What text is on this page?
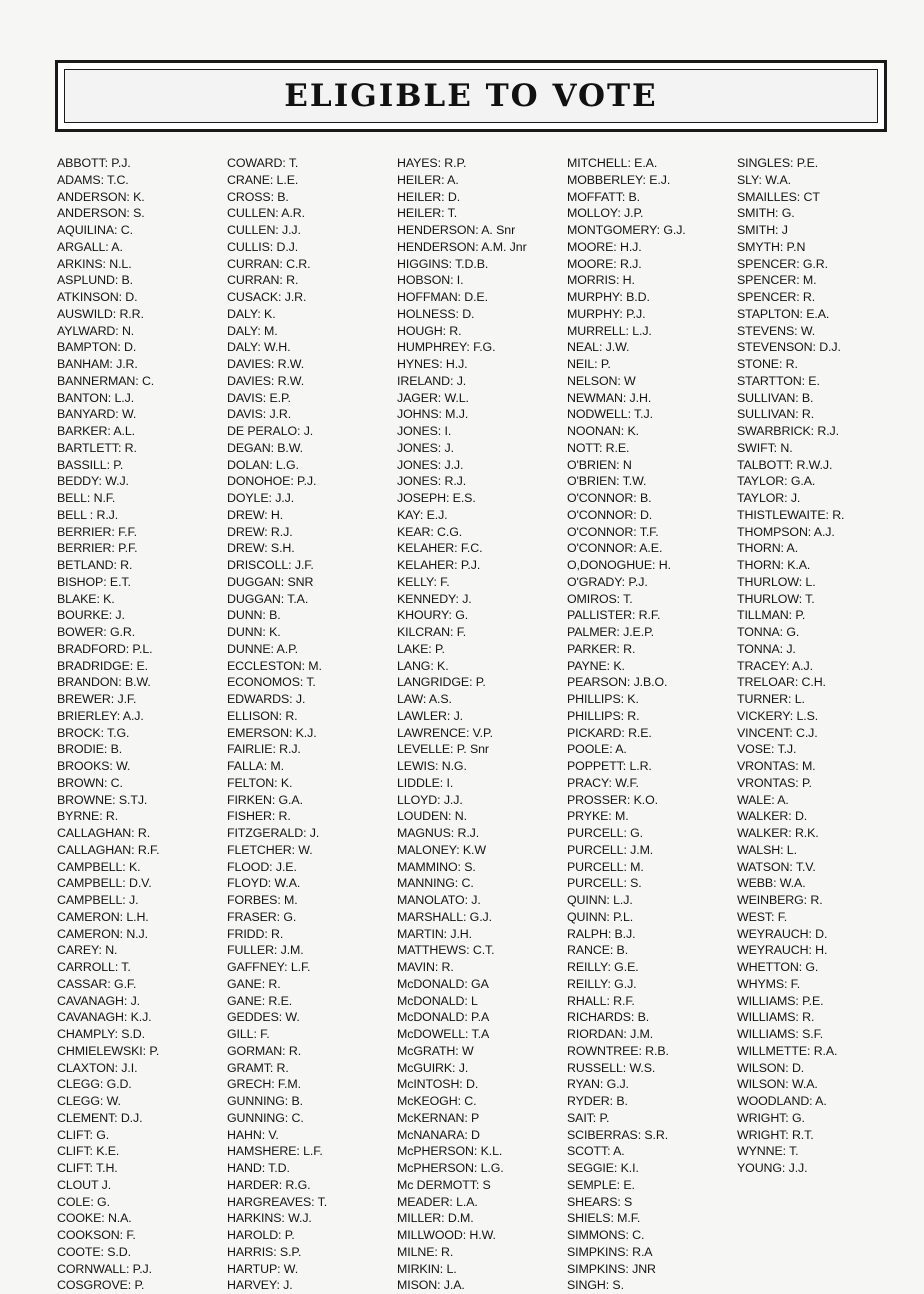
ELIGIBLE TO VOTE
ABBOTT: P.J.
ADAMS: T.C.
ANDERSON: K.
ANDERSON: S.
AQUILINA: C.
ARGALL: A.
ARKINS: N.L.
ASPLUND: B.
ATKINSON: D.
AUSWILD: R.R.
AYLWARD: N.
BAMPTON: D.
BANHAM: J.R.
BANNERMAN: C.
BANTON: L.J.
BANYARD: W.
BARKER: A.L.
BARTLETT: R.
BASSILL: P.
BEDDY: W.J.
BELL: N.F.
BELL : R.J.
BERRIER: F.F.
BERRIER: P.F.
BETLAND: R.
BISHOP: E.T.
BLAKE: K.
BOURKE: J.
BOWER: G.R.
BRADFORD: P.L.
BRADRIDGE: E.
BRANDON: B.W.
BREWER: J.F.
BRIERLEY: A.J.
BROCK: T.G.
BRODIE: B.
BROOKS: W.
BROWN: C.
BROWNE: S.TJ.
BYRNE: R.
CALLAGHAN: R.
CALLAGHAN: R.F.
CAMPBELL: K.
CAMPBELL: D.V.
CAMPBELL: J.
CAMERON: L.H.
CAMERON: N.J.
CAREY: N.
CARROLL: T.
CASSAR: G.F.
CAVANAGH: J.
CAVANAGH: K.J.
CHAMPLY: S.D.
CHMIELEWSKI: P.
CLAXTON: J.I.
CLEGG: G.D.
CLEGG: W.
CLEMENT: D.J.
CLIFT: G.
CLIFT: K.E.
CLIFT: T.H.
CLOUT J.
COLE: G.
COOKE: N.A.
COOKSON: F.
COOTE: S.D.
CORNWALL: P.J.
COSGROVE: P.
COWARD: T.
CRANE: L.E.
CROSS: B.
CULLEN: A.R.
CULLEN: J.J.
CULLIS: D.J.
CURRAN: C.R.
CURRAN: R.
CUSACK: J.R.
DALY: K.
DALY: M.
DALY: W.H.
DAVIES: R.W.
DAVIES: R.W.
DAVIS: E.P.
DAVIS: J.R.
DE PERALO: J.
DEGAN: B.W.
DOLAN: L.G.
DONOHOE: P.J.
DOYLE: J.J.
DREW: H.
DREW: R.J.
DREW: S.H.
DRISCOLL: J.F.
DUGGAN: SNR
DUGGAN: T.A.
DUNN: B.
DUNN: K.
DUNNE: A.P.
ECCLESTON: M.
ECONOMOS: T.
EDWARDS: J.
ELLISON: R.
EMERSON: K.J.
FAIRLIE: R.J.
FALLA: M.
FELTON: K.
FIRKEN: G.A.
FISHER: R.
FITZGERALD: J.
FLETCHER: W.
FLOOD: J.E.
FLOYD: W.A.
FORBES: M.
FRASER: G.
FRIDD: R.
FULLER: J.M.
GAFFNEY: L.F.
GANE: R.
GANE: R.E.
GEDDES: W.
GILL: F.
GORMAN: R.
GRAMT: R.
GRECH: F.M.
GUNNING: B.
GUNNING: C.
HAHN: V.
HAMSHERE: L.F.
HAND: T.D.
HARDER: R.G.
HARGREAVES: T.
HARKINS: W.J.
HAROLD: P.
HARRIS: S.P.
HARTUP: W.
HARVEY: J.
HAYES: R.P.
HEILER: A.
HEILER: D.
HEILER: T.
HENDERSON: A. Snr
HENDERSON: A.M. Jnr
HIGGINS: T.D.B.
HOBSON: I.
HOFFMAN: D.E.
HOLNESS: D.
HOUGH: R.
HUMPHREY: F.G.
HYNES: H.J.
IRELAND: J.
JAGER: W.L.
JOHNS: M.J.
JONES: I.
JONES: J.
JONES: J.J.
JONES: R.J.
JOSEPH: E.S.
KAY: E.J.
KEAR: C.G.
KELAHER: F.C.
KELAHER: P.J.
KELLY: F.
KENNEDY: J.
KHOURY: G.
KILCRAN: F.
LAKE: P.
LANG: K.
LANGRIDGE: P.
LAW: A.S.
LAWLER: J.
LAWRENCE: V.P.
LEVELLE: P. Snr
LEWIS: N.G.
LIDDLE: I.
LLOYD: J.J.
LOUDEN: N.
MAGNUS: R.J.
MALONEY: K.W
MAMMINO: S.
MANNING: C.
MANOLATO: J.
MARSHALL: G.J.
MARTIN: J.H.
MATTHEWS: C.T.
MAVIN: R.
McDONALD: GA
McDONALD: L
McDONALD: P.A
McDOWELL: T.A
McGRATH: W
McGUIRK: J.
McINTOSH: D.
McKEOGH: C.
McKERNAN: P
McNANARA: D
McPHERSON: K.L.
McPHERSON: L.G.
Mc DERMOTT: S
MEADER: L.A.
MILLER: D.M.
MILLWOOD: H.W.
MILNE: R.
MIRKIN: L.
MISON: J.A.
MITCHELL: E.A.
MOBBERLEY: E.J.
MOFFATT: B.
MOLLOY: J.P.
MONTGOMERY: G.J.
MOORE: H.J.
MOORE: R.J.
MORRIS: H.
MURPHY: B.D.
MURPHY: P.J.
MURRELL: L.J.
NEAL: J.W.
NEIL: P.
NELSON: W
NEWMAN: J.H.
NODWELL: T.J.
NOONAN: K.
NOTT: R.E.
O'BRIEN: N
O'BRIEN: T.W.
O'CONNOR: B.
O'CONNOR: D.
O'CONNOR: T.F.
O'CONNOR: A.E.
O,DONOGHUE: H.
O'GRADY: P.J.
OMIROS: T.
PALLISTER: R.F.
PALMER: J.E.P.
PARKER: R.
PAYNE: K.
PEARSON: J.B.O.
PHILLIPS: K.
PHILLIPS: R.
PICKARD: R.E.
POOLE: A.
POPPETT: L.R.
PRACY: W.F.
PROSSER: K.O.
PRYKE: M.
PURCELL: G.
PURCELL: J.M.
PURCELL: M.
PURCELL: S.
QUINN: L.J.
QUINN: P.L.
RALPH: B.J.
RANCE: B.
REILLY: G.E.
REILLY: G.J.
RHALL: R.F.
RICHARDS: B.
RIORDAN: J.M.
ROWNTREE: R.B.
RUSSELL: W.S.
RYAN: G.J.
RYDER: B.
SAIT: P.
SCIBERRAS: S.R.
SCOTT: A.
SEGGIE: K.I.
SEMPLE: E.
SHEARS: S
SHIELS: M.F.
SIMMONS: C.
SIMPKINS: R.A
SIMPKINS: JNR
SINGH: S.
SINGLES: P.E.
SLY: W.A.
SMAILLES: CT
SMITH: G.
SMITH: J
SMYTH: P.N
SPENCER: G.R.
SPENCER: M.
SPENCER: R.
STAPLTON: E.A.
STEVENS: W.
STEVENSON: D.J.
STONE: R.
STARTTON: E.
SULLIVAN: B.
SULLIVAN: R.
SWARBRICK: R.J.
SWIFT: N.
TALBOTT: R.W.J.
TAYLOR: G.A.
TAYLOR: J.
THISTLEWAITE: R.
THOMPSON: A.J.
THORN: A.
THORN: K.A.
THURLOW: L.
THURLOW: T.
TILLMAN: P.
TONNA: G.
TONNA: J.
TRACEY: A.J.
TRELOAR: C.H.
TURNER: L.
VICKERY: L.S.
VINCENT: C.J.
VOSE: T.J.
VRONTAS: M.
VRONTAS: P.
WALE: A.
WALKER: D.
WALKER: R.K.
WALSH: L.
WATSON: T.V.
WEBB: W.A.
WEINBERG: R.
WEST: F.
WEYRAUCH: D.
WEYRAUCH: H.
WHETTON: G.
WHYMS: F.
WILLIAMS: P.E.
WILLIAMS: R.
WILLIAMS: S.F.
WILLMETTE: R.A.
WILSON: D.
WILSON: W.A.
WOODLAND: A.
WRIGHT: G.
WRIGHT: R.T.
WYNNE: T.
YOUNG: J.J.
